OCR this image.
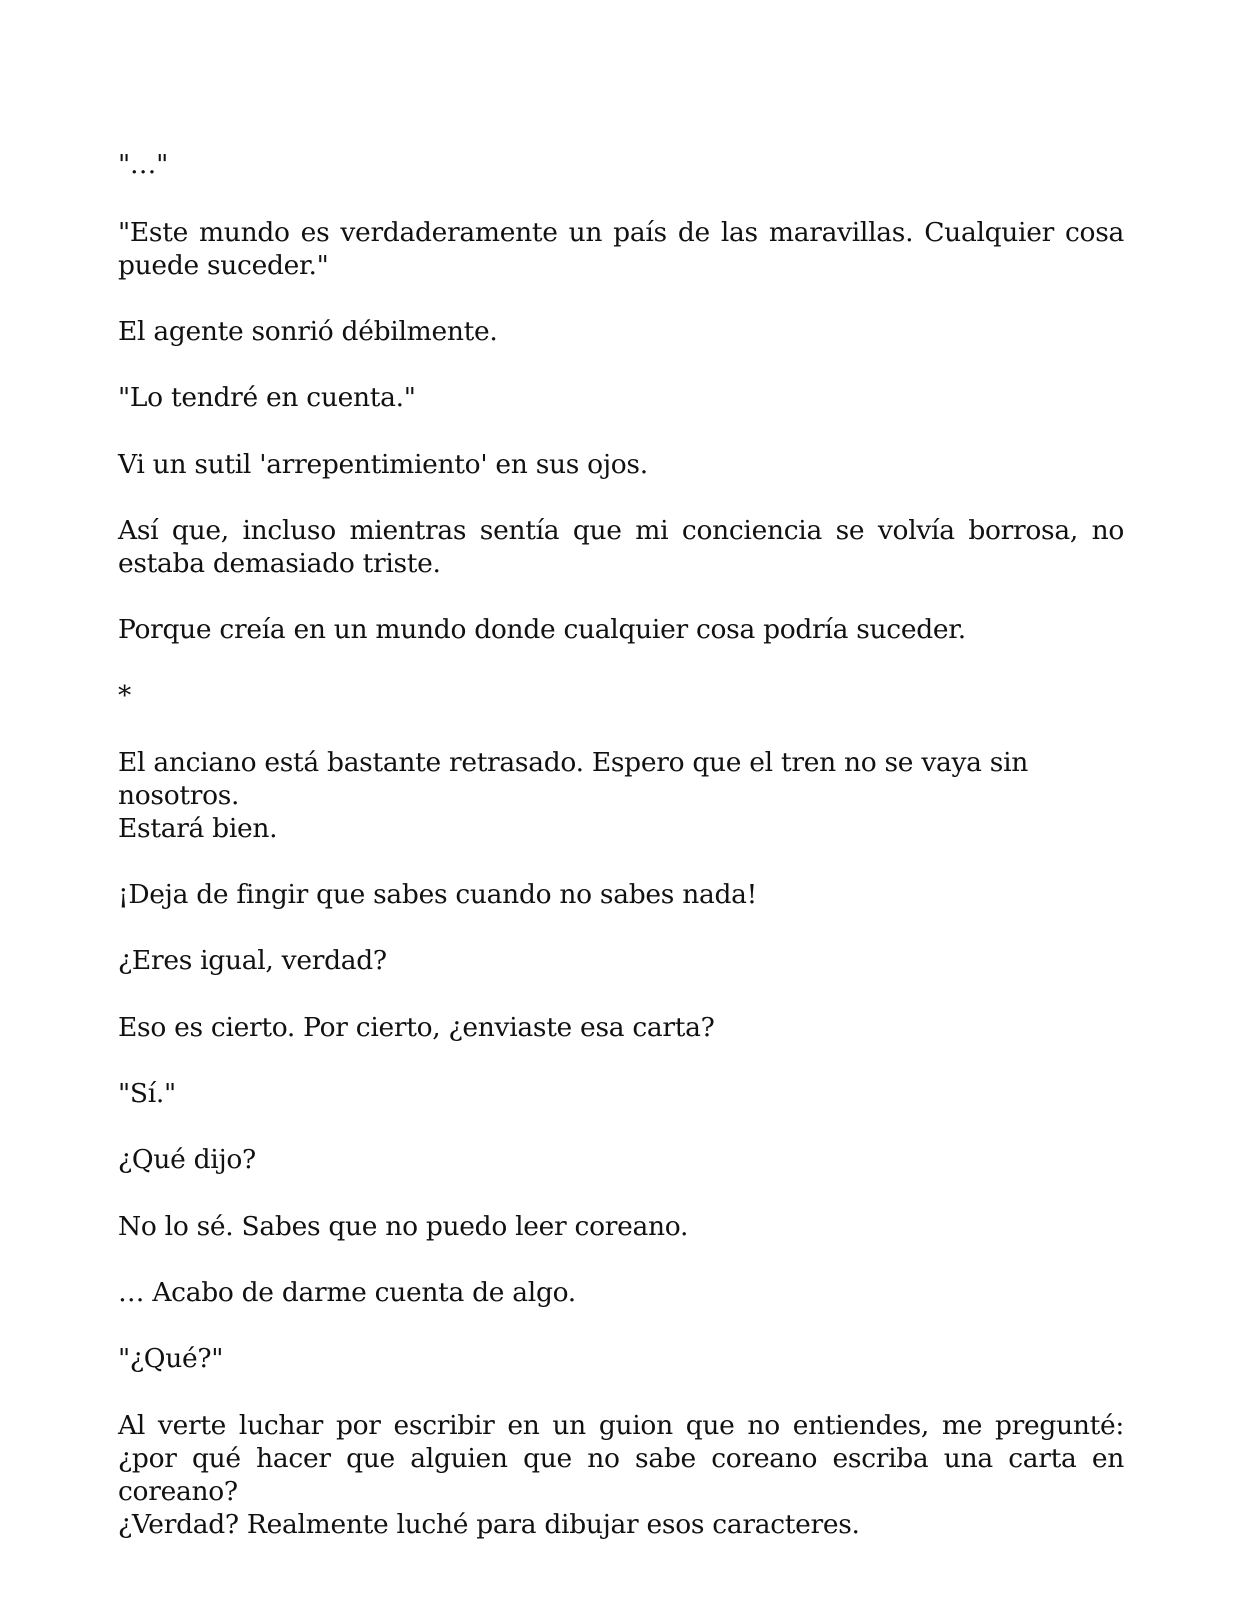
"…"
"Este mundo es verdaderamente un país de las maravillas. Cualquier cosa puede suceder."
El agente sonrió débilmente.
"Lo tendré en cuenta."
Vi un sutil 'arrepentimiento' en sus ojos.
Así que, incluso mientras sentía que mi conciencia se volvía borrosa, no estaba demasiado triste.
Porque creía en un mundo donde cualquier cosa podría suceder.
*
El anciano está bastante retrasado. Espero que el tren no se vaya sin nosotros.
Estará bien.
¡Deja de fingir que sabes cuando no sabes nada!
¿Eres igual, verdad?
Eso es cierto. Por cierto, ¿enviaste esa carta?
"Sí."
¿Qué dijo?
No lo sé. Sabes que no puedo leer coreano.
… Acabo de darme cuenta de algo.
"¿Qué?"
Al verte luchar por escribir en un guion que no entiendes, me pregunté: ¿por qué hacer que alguien que no sabe coreano escriba una carta en coreano?
¿Verdad? Realmente luché para dibujar esos caracteres.
